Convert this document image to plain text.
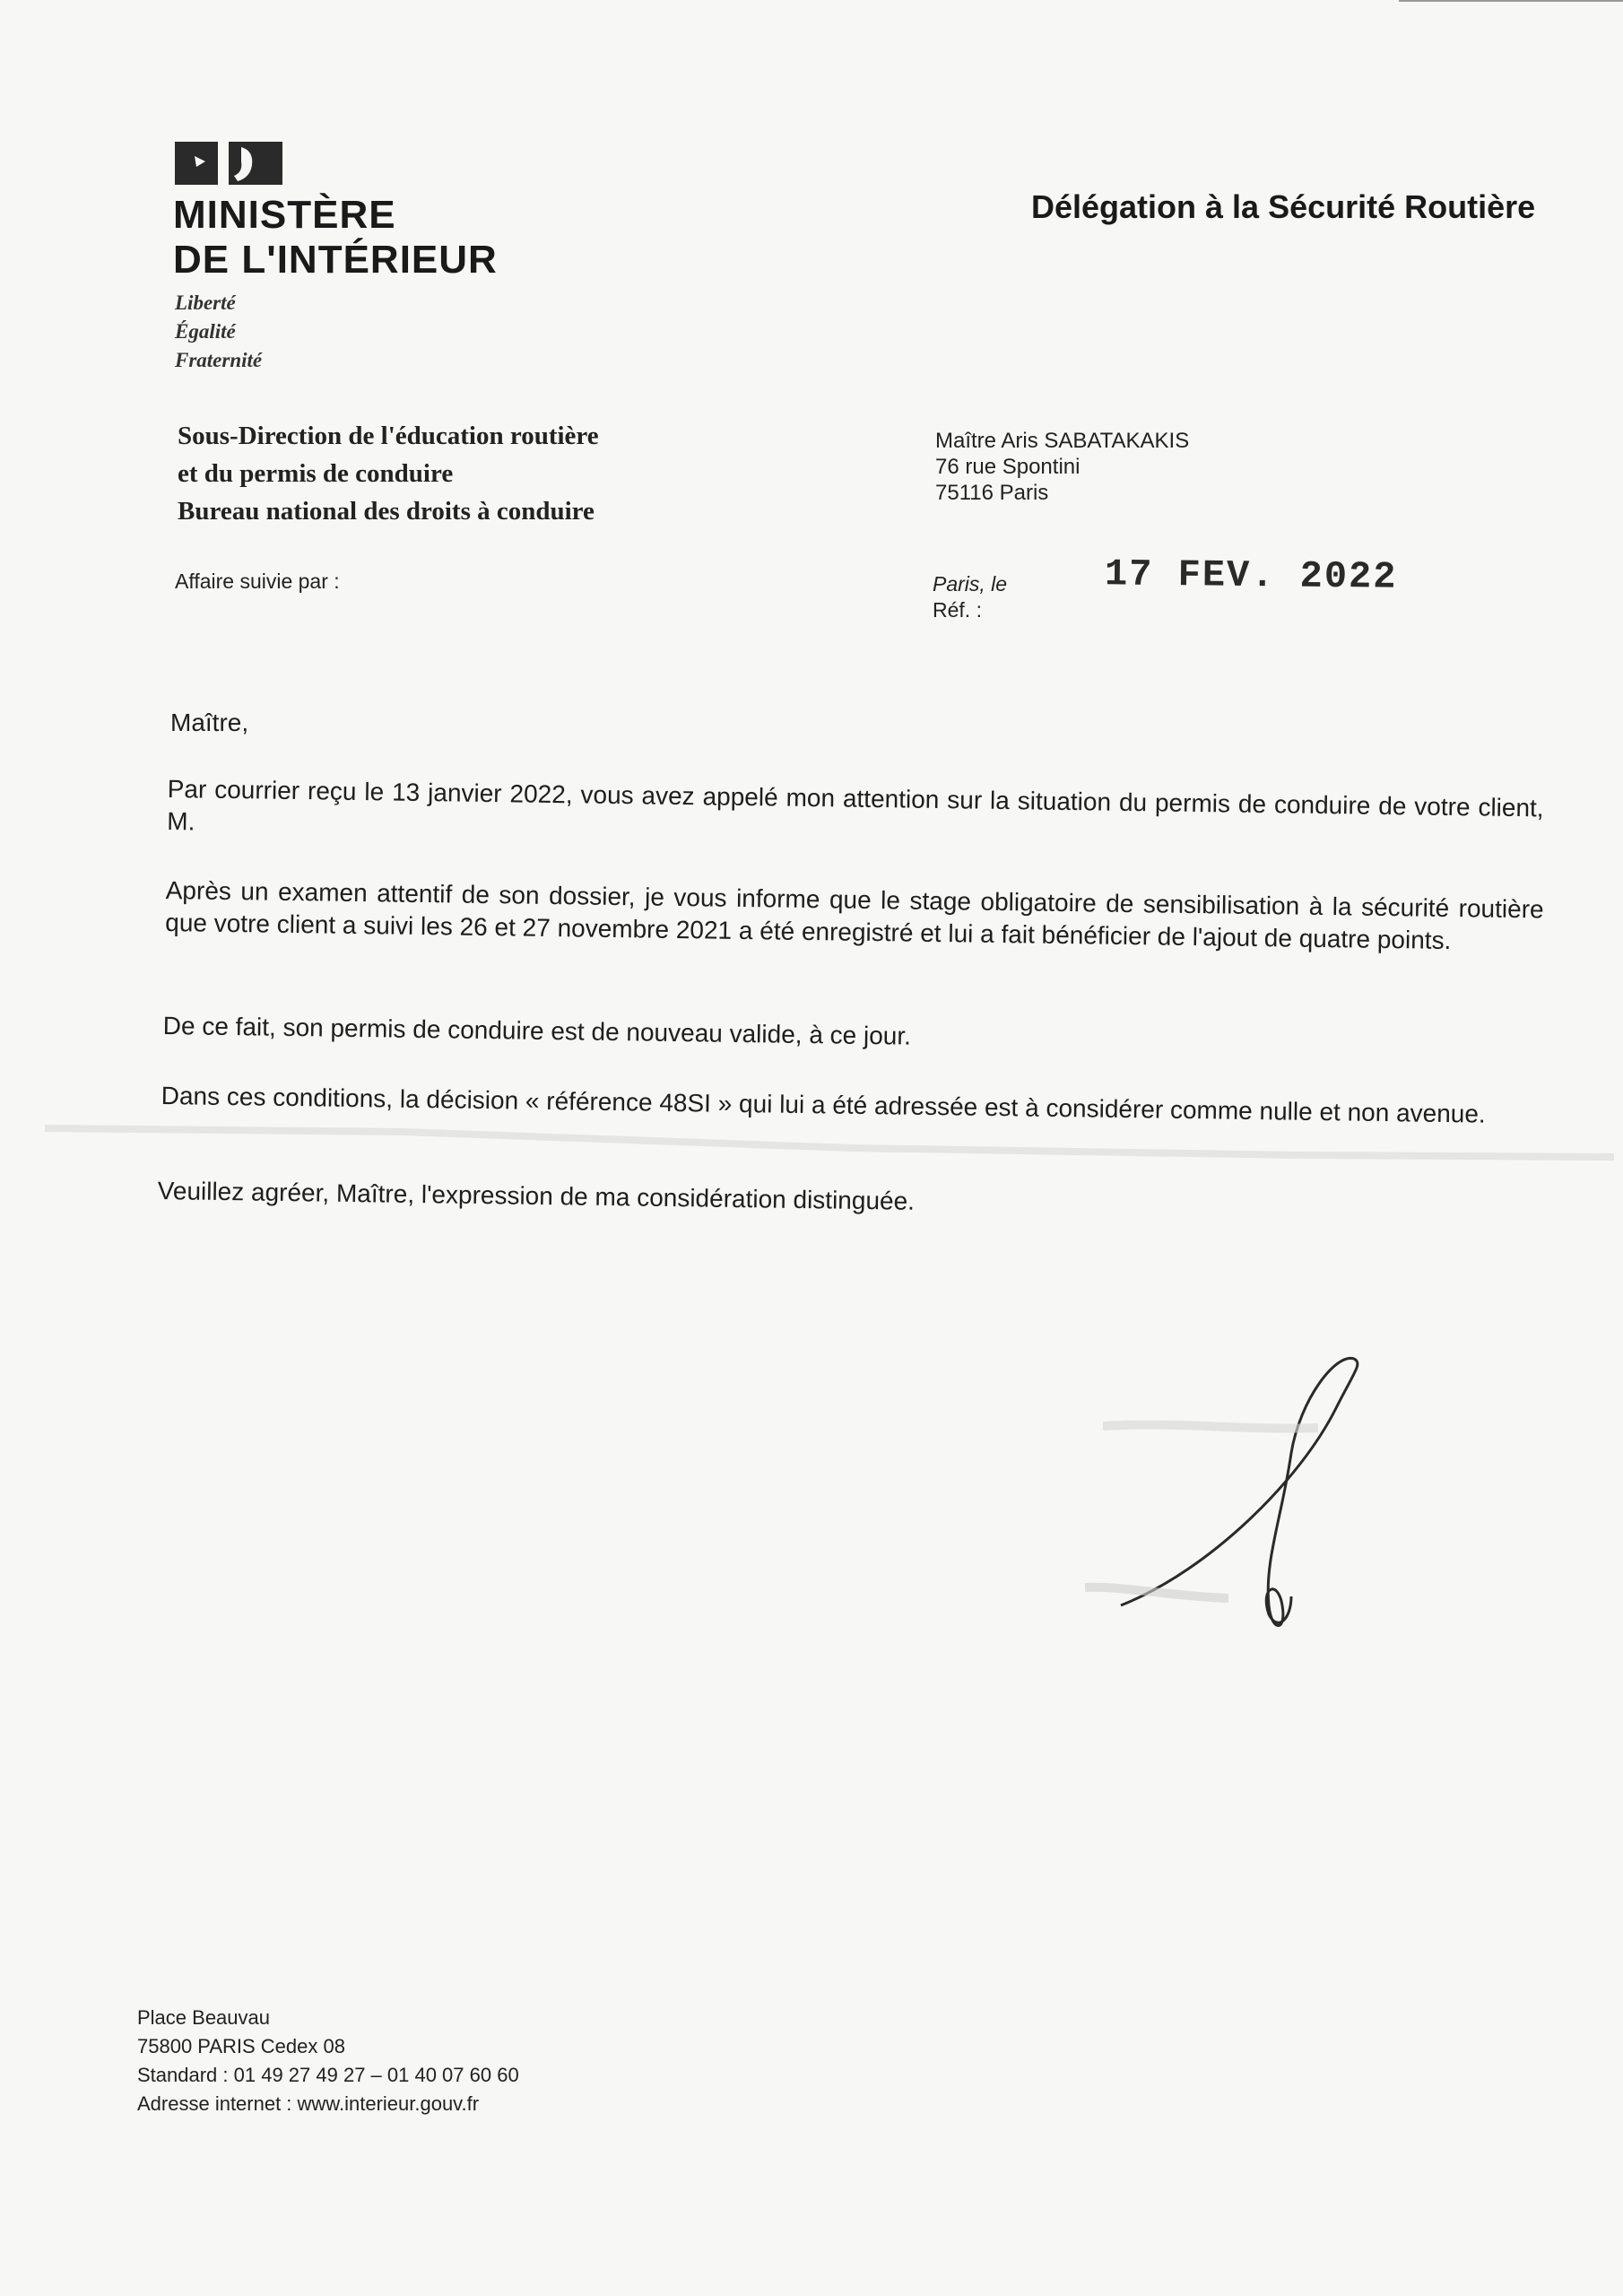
MINISTÈRE
DE L'INTÉRIEUR
Liberté
Égalité
Fraternité
Délégation à la Sécurité Routière
Sous-Direction de l'éducation routière
et du permis de conduire
Bureau national des droits à conduire
Maître Aris SABATAKAKIS
76 rue Spontini
75116 Paris
Affaire suivie par :	Paris, le
Réf. :
17 FEV. 2022
Maître,
Par courrier reçu le 13 janvier 2022, vous avez appelé mon attention sur la situation du permis de conduire de votre client, M.
Après un examen attentif de son dossier, je vous informe que le stage obligatoire de sensibilisation à la sécurité routière que votre client a suivi les 26 et 27 novembre 2021 a été enregistré et lui a fait bénéficier de l'ajout de quatre points.
De ce fait, son permis de conduire est de nouveau valide, à ce jour.
Dans ces conditions, la décision « référence 48SI » qui lui a été adressée est à considérer comme nulle et non avenue.
Veuillez agréer, Maître, l'expression de ma considération distinguée.
Place Beauvau
75800 PARIS Cedex 08
Standard : 01 49 27 49 27 – 01 40 07 60 60
Adresse internet : www.interieur.gouv.fr
